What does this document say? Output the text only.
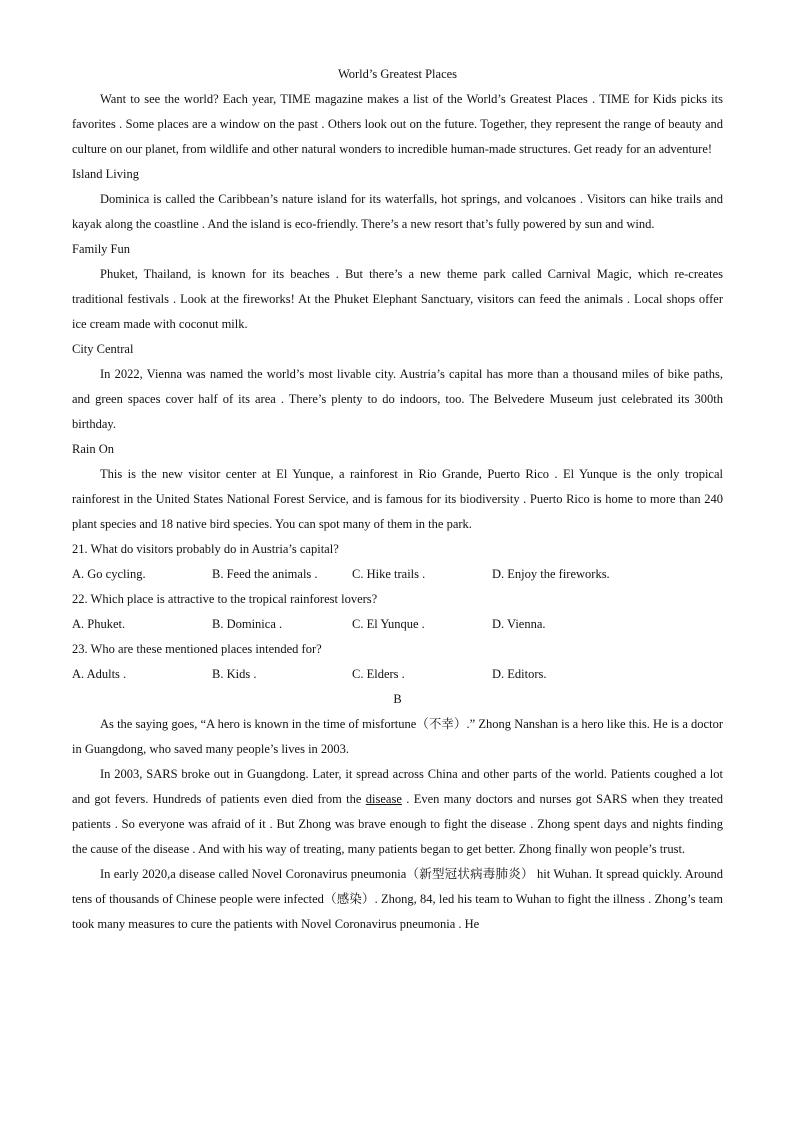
World’s Greatest Places

Want to see the world? Each year, TIME magazine makes a list of the World’s Greatest Places . TIME for Kids picks its favorites . Some places are a window on the past . Others look out on the future. Together, they represent the range of beauty and culture on our planet, from wildlife and other natural wonders to incredible human-made structures. Get ready for an adventure!

Island Living

Dominica is called the Caribbean’s nature island for its waterfalls, hot springs, and volcanoes . Visitors can hike trails and kayak along the coastline . And the island is eco-friendly. There’s a new resort that’s fully powered by sun and wind.

Family Fun

Phuket, Thailand, is known for its beaches . But there’s a new theme park called Carnival Magic, which re-creates traditional festivals . Look at the fireworks! At the Phuket Elephant Sanctuary, visitors can feed the animals . Local shops offer ice cream made with coconut milk.

City Central

In 2022, Vienna was named the world’s most livable city. Austria’s capital has more than a thousand miles of bike paths, and green spaces cover half of its area . There’s plenty to do indoors, too. The Belvedere Museum just celebrated its 300th birthday.

Rain On

This is the new visitor center at El Yunque, a rainforest in Rio Grande, Puerto Rico . El Yunque is the only tropical rainforest in the United States National Forest Service, and is famous for its biodiversity . Puerto Rico is home to more than 240 plant species and 18 native bird species. You can spot many of them in the park.

21. What do visitors probably do in Austria’s capital?

A. Go cycling.	B. Feed the animals .	C. Hike trails .	D. Enjoy the fireworks.

22. Which place is attractive to the tropical rainforest lovers?

A. Phuket.	B. Dominica .	C. El Yunque .	D. Vienna.

23. Who are these mentioned places intended for?

A. Adults .	B. Kids .	C. Elders .	D. Editors.
B

As the saying goes, “A hero is known in the time of misfortune（不幸）.” Zhong Nanshan is a hero like this. He is a doctor in Guangdong, who saved many people’s lives in 2003.

In 2003, SARS broke out in Guangdong. Later, it spread across China and other parts of the world. Patients coughed a lot and got fevers. Hundreds of patients even died from the disease . Even many doctors and nurses got SARS when they treated patients . So everyone was afraid of it . But Zhong was brave enough to fight the disease . Zhong spent days and nights finding the cause of the disease . And with his way of treating, many patients began to get better. Zhong finally won people’s trust.

In early 2020,a disease called Novel Coronavirus pneumonia（新型冠状病毒肺炎） hit Wuhan. It spread quickly. Around tens of thousands of Chinese people were infected（感染）. Zhong, 84, led his team to Wuhan to fight the illness . Zhong’s team took many measures to cure the patients with Novel Coronavirus pneumonia . He
